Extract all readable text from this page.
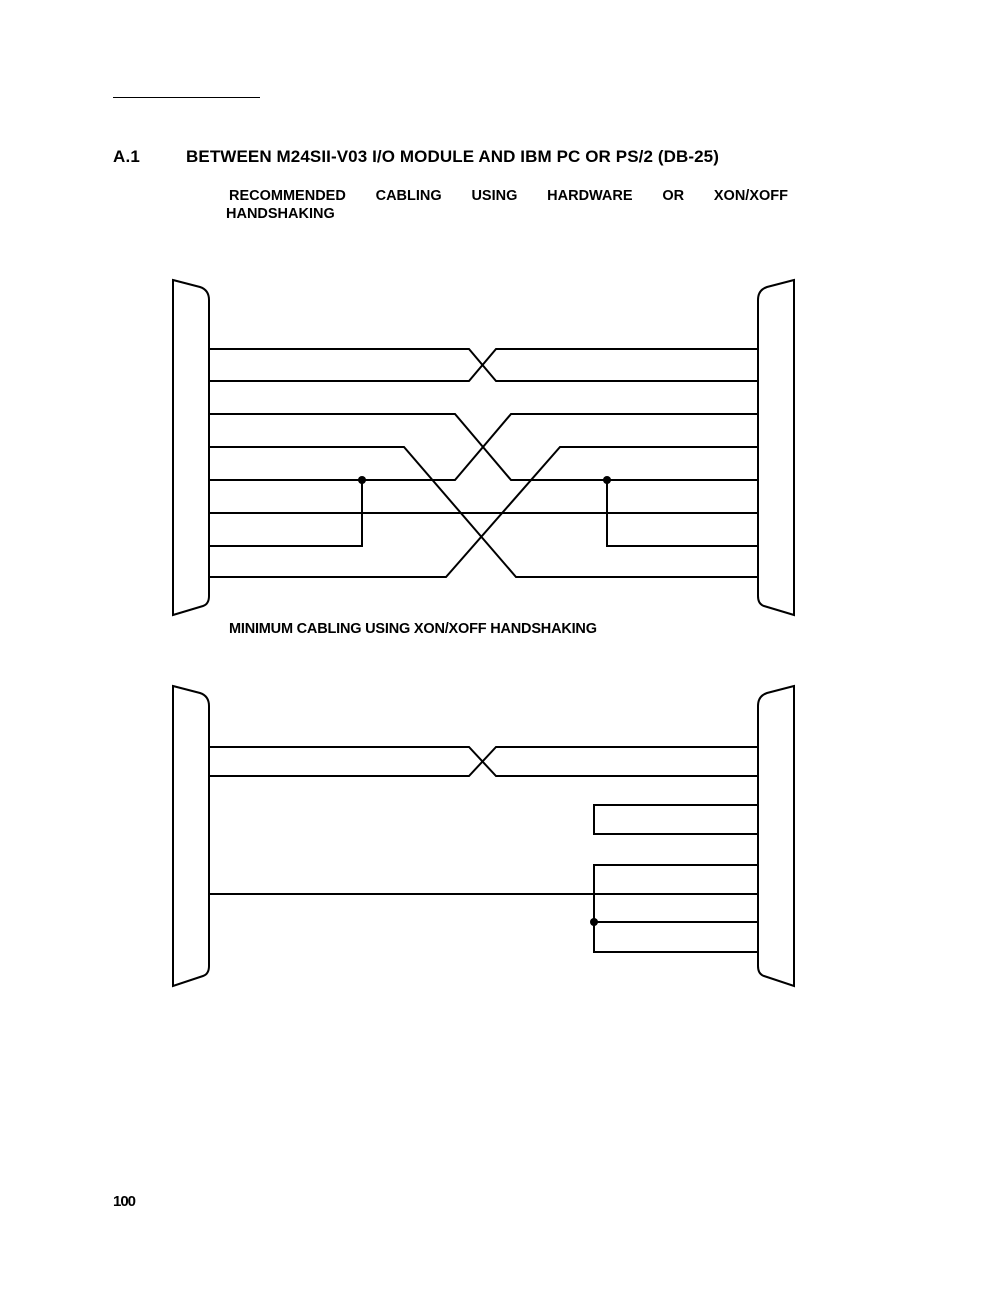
A.1	BETWEEN M24SII-V03 I/O MODULE AND IBM PC OR PS/2 (DB-25)
RECOMMENDED CABLING USING HARDWARE OR XON/XOFF
HANDSHAKING
MINIMUM CABLING USING XON/XOFF HANDSHAKING
100
